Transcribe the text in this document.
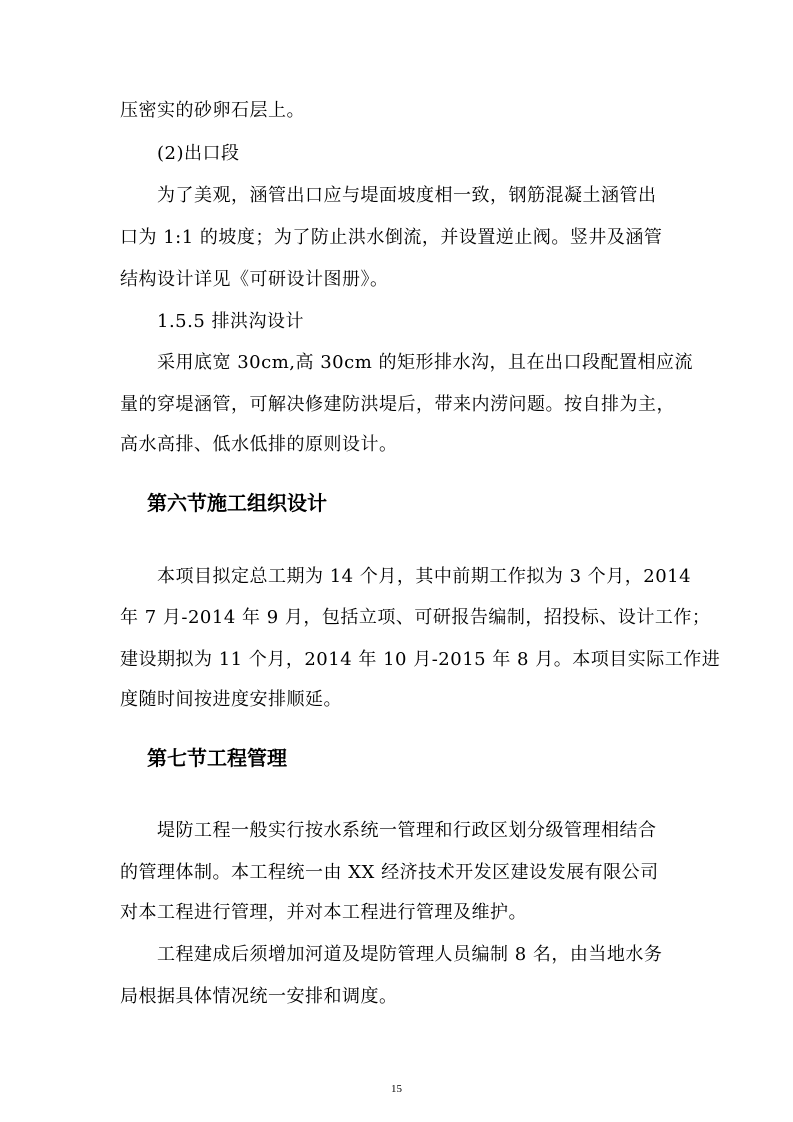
压密实的砂卵石层上。
(2)出口段
为了美观，涵管出口应与堤面坡度相一致，钢筋混凝土涵管出
口为 1:1 的坡度；为了防止洪水倒流，并设置逆止阀。竖井及涵管
结构设计详见《可研设计图册》。
1.5.5 排洪沟设计
采用底宽 30cm,高 30cm 的矩形排水沟，且在出口段配置相应流
量的穿堤涵管，可解决修建防洪堤后，带来内涝问题。按自排为主，
高水高排、低水低排的原则设计。
第六节施工组织设计
本项目拟定总工期为 14 个月，其中前期工作拟为 3 个月，2014
年 7 月-2014 年 9 月，包括立项、可研报告编制，招投标、设计工作；
建设期拟为 11 个月，2014 年 10 月-2015 年 8 月。本项目实际工作进
度随时间按进度安排顺延。
第七节工程管理
堤防工程一般实行按水系统一管理和行政区划分级管理相结合
的管理体制。本工程统一由 XX 经济技术开发区建设发展有限公司
对本工程进行管理，并对本工程进行管理及维护。
工程建成后须增加河道及堤防管理人员编制 8 名，由当地水务
局根据具体情况统一安排和调度。
15
